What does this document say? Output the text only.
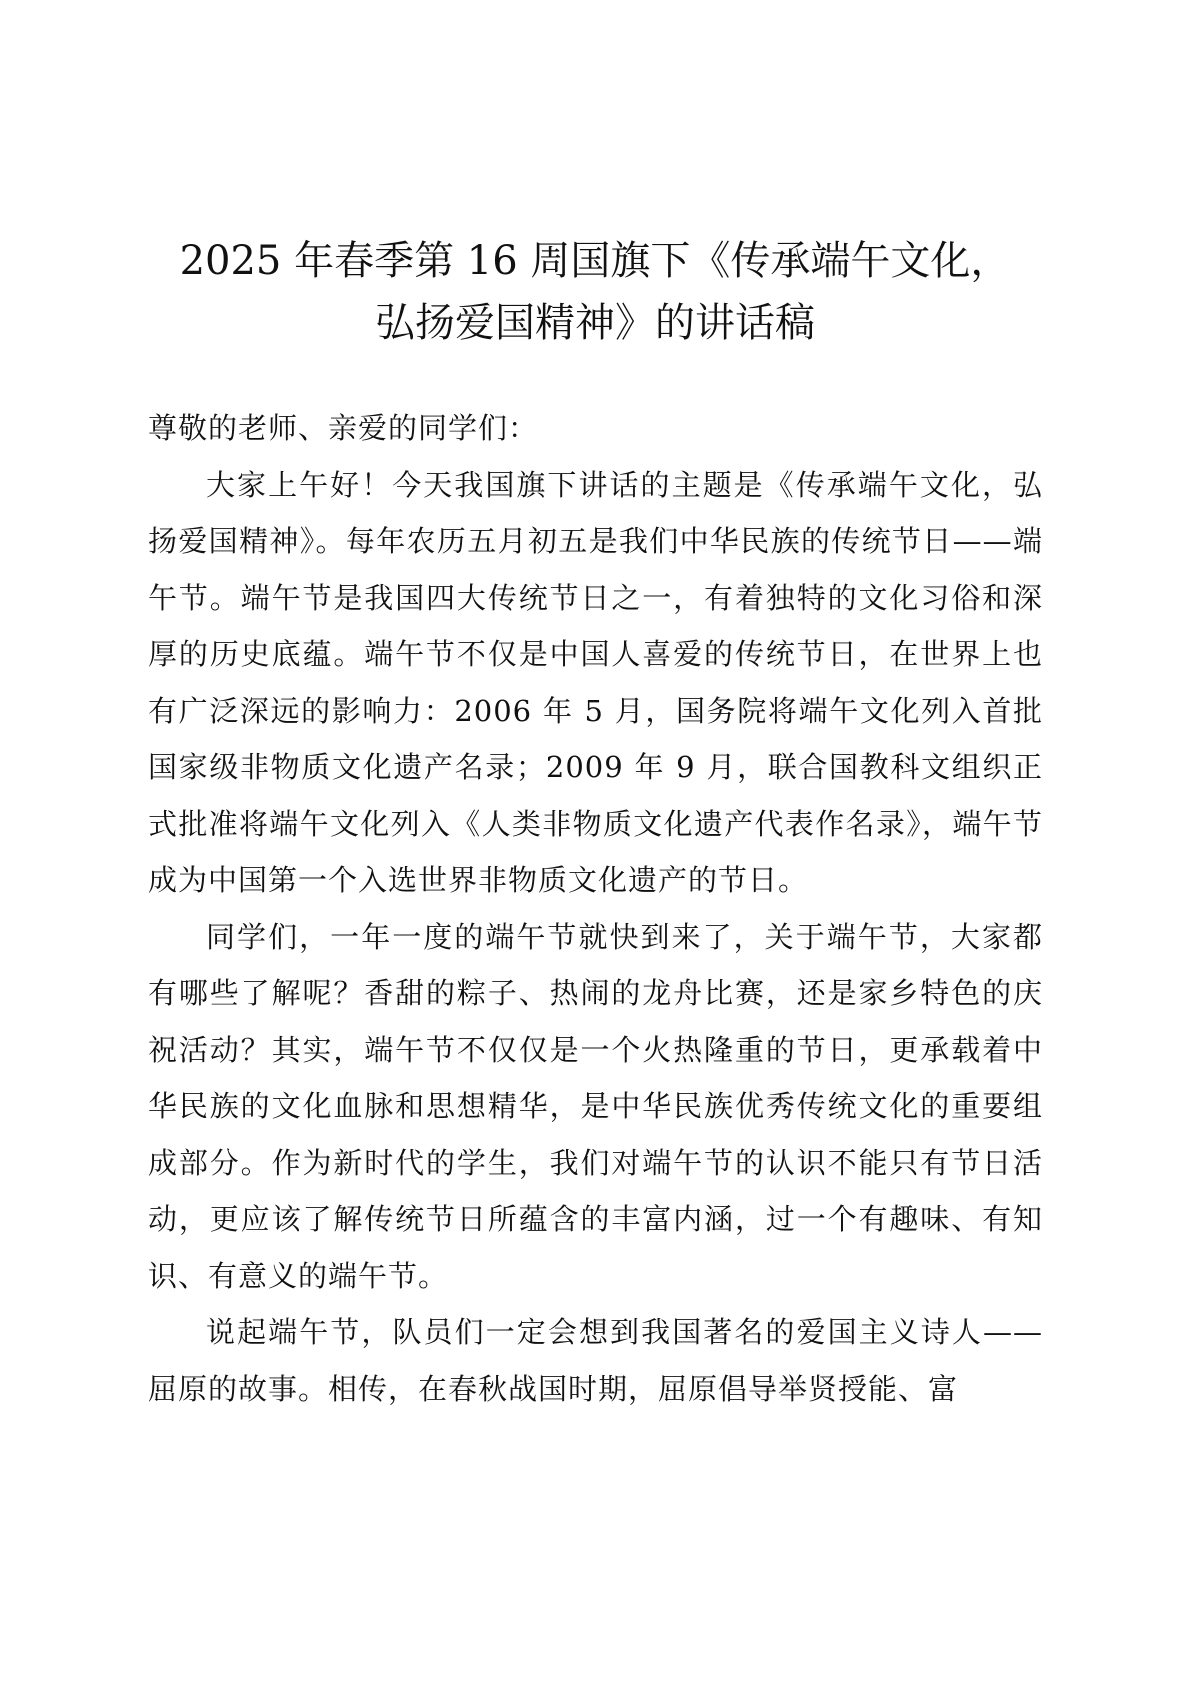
2025 年春季第 16 周国旗下《传承端午文化，
弘扬爱国精神》的讲话稿

尊敬的老师、亲爱的同学们：

大家上午好！今天我国旗下讲话的主题是《传承端午文化，弘扬爱国精神》。每年农历五月初五是我们中华民族的传统节日——端午节。端午节是我国四大传统节日之一，有着独特的文化习俗和深厚的历史底蕴。端午节不仅是中国人喜爱的传统节日，在世界上也有广泛深远的影响力：2006 年 5 月，国务院将端午文化列入首批国家级非物质文化遗产名录；2009 年 9 月，联合国教科文组织正式批准将端午文化列入《人类非物质文化遗产代表作名录》，端午节成为中国第一个入选世界非物质文化遗产的节日。

同学们，一年一度的端午节就快到来了，关于端午节，大家都有哪些了解呢？香甜的粽子、热闹的龙舟比赛，还是家乡特色的庆祝活动？其实，端午节不仅仅是一个火热隆重的节日，更承载着中华民族的文化血脉和思想精华，是中华民族优秀传统文化的重要组成部分。作为新时代的学生，我们对端午节的认识不能只有节日活动，更应该了解传统节日所蕴含的丰富内涵，过一个有趣味、有知识、有意义的端午节。

说起端午节，队员们一定会想到我国著名的爱国主义诗人——屈原的故事。相传，在春秋战国时期，屈原倡导举贤授能、富
